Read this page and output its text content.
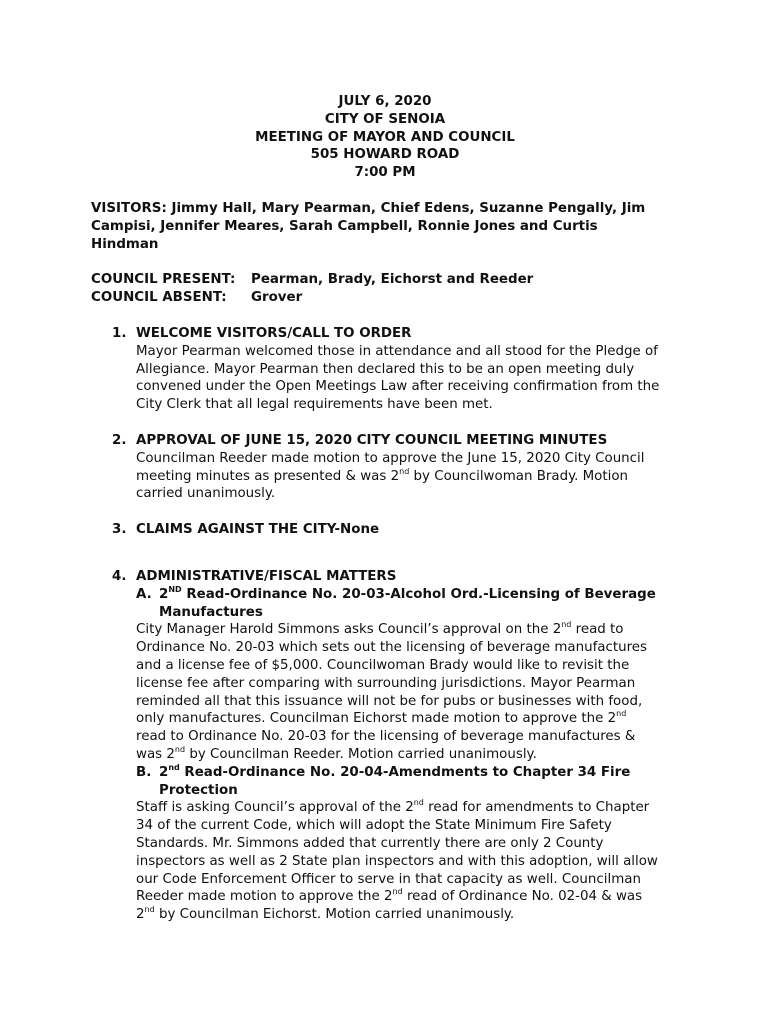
JULY 6, 2020
CITY OF SENOIA
MEETING OF MAYOR AND COUNCIL
505 HOWARD ROAD
7:00 PM
VISITORS: Jimmy Hall, Mary Pearman, Chief Edens, Suzanne Pengally, Jim
Campisi, Jennifer Meares, Sarah Campbell, Ronnie Jones and Curtis
Hindman
COUNCIL PRESENT: Pearman, Brady, Eichorst and Reeder
COUNCIL ABSENT: Grover
1. WELCOME VISITORS/CALL TO ORDER
Mayor Pearman welcomed those in attendance and all stood for the Pledge of
Allegiance. Mayor Pearman then declared this to be an open meeting duly
convened under the Open Meetings Law after receiving confirmation from the
City Clerk that all legal requirements have been met.
2. APPROVAL OF JUNE 15, 2020 CITY COUNCIL MEETING MINUTES
Councilman Reeder made motion to approve the June 15, 2020 City Council
meeting minutes as presented & was 2nd by Councilwoman Brady. Motion
carried unanimously.
3. CLAIMS AGAINST THE CITY-None
4. ADMINISTRATIVE/FISCAL MATTERS
A. 2ND Read-Ordinance No. 20-03-Alcohol Ord.-Licensing of Beverage
Manufactures
City Manager Harold Simmons asks Council’s approval on the 2nd read to
Ordinance No. 20-03 which sets out the licensing of beverage manufactures
and a license fee of $5,000. Councilwoman Brady would like to revisit the
license fee after comparing with surrounding jurisdictions. Mayor Pearman
reminded all that this issuance will not be for pubs or businesses with food,
only manufactures. Councilman Eichorst made motion to approve the 2nd
read to Ordinance No. 20-03 for the licensing of beverage manufactures &
was 2nd by Councilman Reeder. Motion carried unanimously.
B. 2nd Read-Ordinance No. 20-04-Amendments to Chapter 34 Fire
Protection
Staff is asking Council’s approval of the 2nd read for amendments to Chapter
34 of the current Code, which will adopt the State Minimum Fire Safety
Standards. Mr. Simmons added that currently there are only 2 County
inspectors as well as 2 State plan inspectors and with this adoption, will allow
our Code Enforcement Officer to serve in that capacity as well. Councilman
Reeder made motion to approve the 2nd read of Ordinance No. 02-04 & was
2nd by Councilman Eichorst. Motion carried unanimously.
